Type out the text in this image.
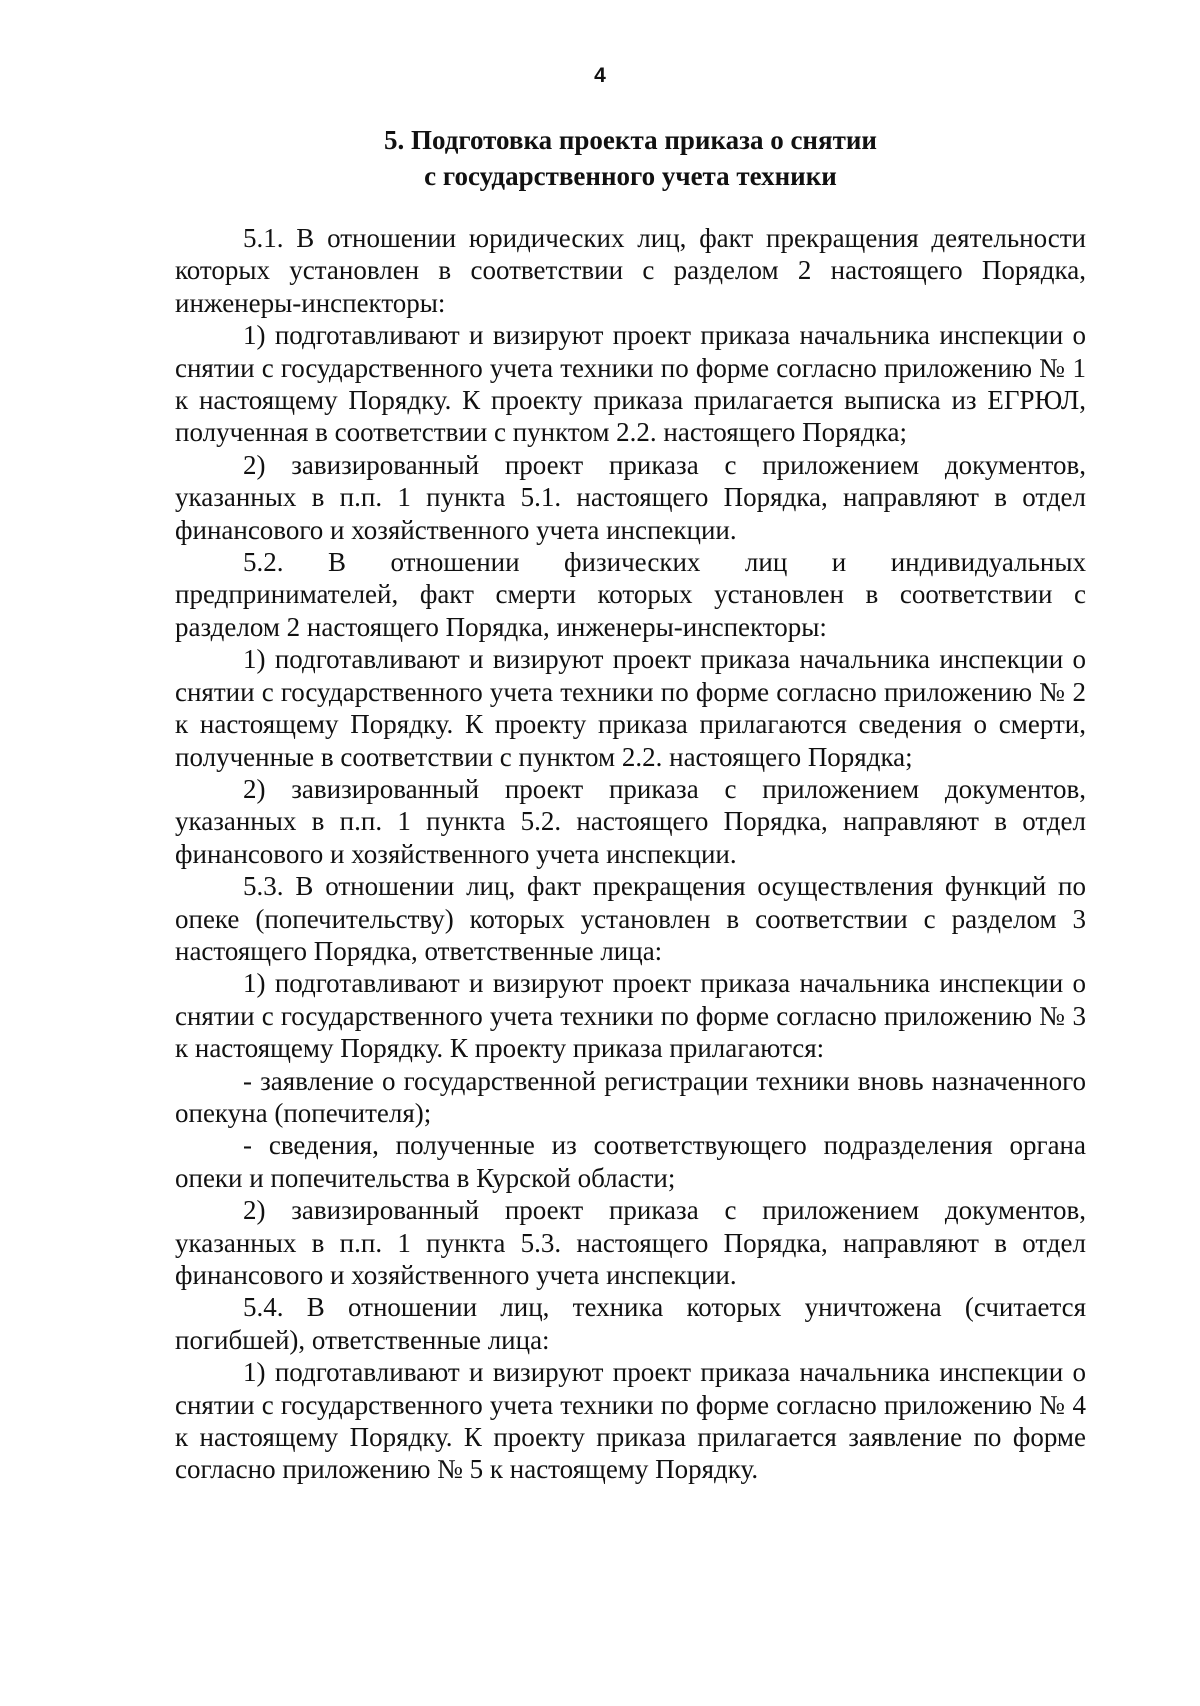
4
5. Подготовка проекта приказа о снятии
с государственного учета техники

5.1. В отношении юридических лиц, факт прекращения деятельности которых установлен в соответствии с разделом 2 настоящего Порядка, инженеры-инспекторы:

1) подготавливают и визируют проект приказа начальника инспекции о снятии с государственного учета техники по форме согласно приложению № 1 к настоящему Порядку. К проекту приказа прилагается выписка из ЕГРЮЛ, полученная в соответствии с пунктом 2.2. настоящего Порядка;

2) завизированный проект приказа с приложением документов, указанных в п.п. 1 пункта 5.1. настоящего Порядка, направляют в отдел финансового и хозяйственного учета инспекции.

5.2. В отношении физических лиц и индивидуальных предпринимателей, факт смерти которых установлен в соответствии с разделом 2 настоящего Порядка, инженеры-инспекторы:

1) подготавливают и визируют проект приказа начальника инспекции о снятии с государственного учета техники по форме согласно приложению № 2 к настоящему Порядку. К проекту приказа прилагаются сведения о смерти, полученные в соответствии с пунктом 2.2. настоящего Порядка;

2) завизированный проект приказа с приложением документов, указанных в п.п. 1 пункта 5.2. настоящего Порядка, направляют в отдел финансового и хозяйственного учета инспекции.

5.3. В отношении лиц, факт прекращения осуществления функций по опеке (попечительству) которых установлен в соответствии с разделом 3 настоящего Порядка, ответственные лица:

1) подготавливают и визируют проект приказа начальника инспекции о снятии с государственного учета техники по форме согласно приложению № 3 к настоящему Порядку. К проекту приказа прилагаются:

- заявление о государственной регистрации техники вновь назначенного опекуна (попечителя);

- сведения, полученные из соответствующего подразделения органа опеки и попечительства в Курской области;

2) завизированный проект приказа с приложением документов, указанных в п.п. 1 пункта 5.3. настоящего Порядка, направляют в отдел финансового и хозяйственного учета инспекции.

5.4. В отношении лиц, техника которых уничтожена (считается погибшей), ответственные лица:

1) подготавливают и визируют проект приказа начальника инспекции о снятии с государственного учета техники по форме согласно приложению № 4 к настоящему Порядку. К проекту приказа прилагается заявление по форме согласно приложению № 5 к настоящему Порядку.
